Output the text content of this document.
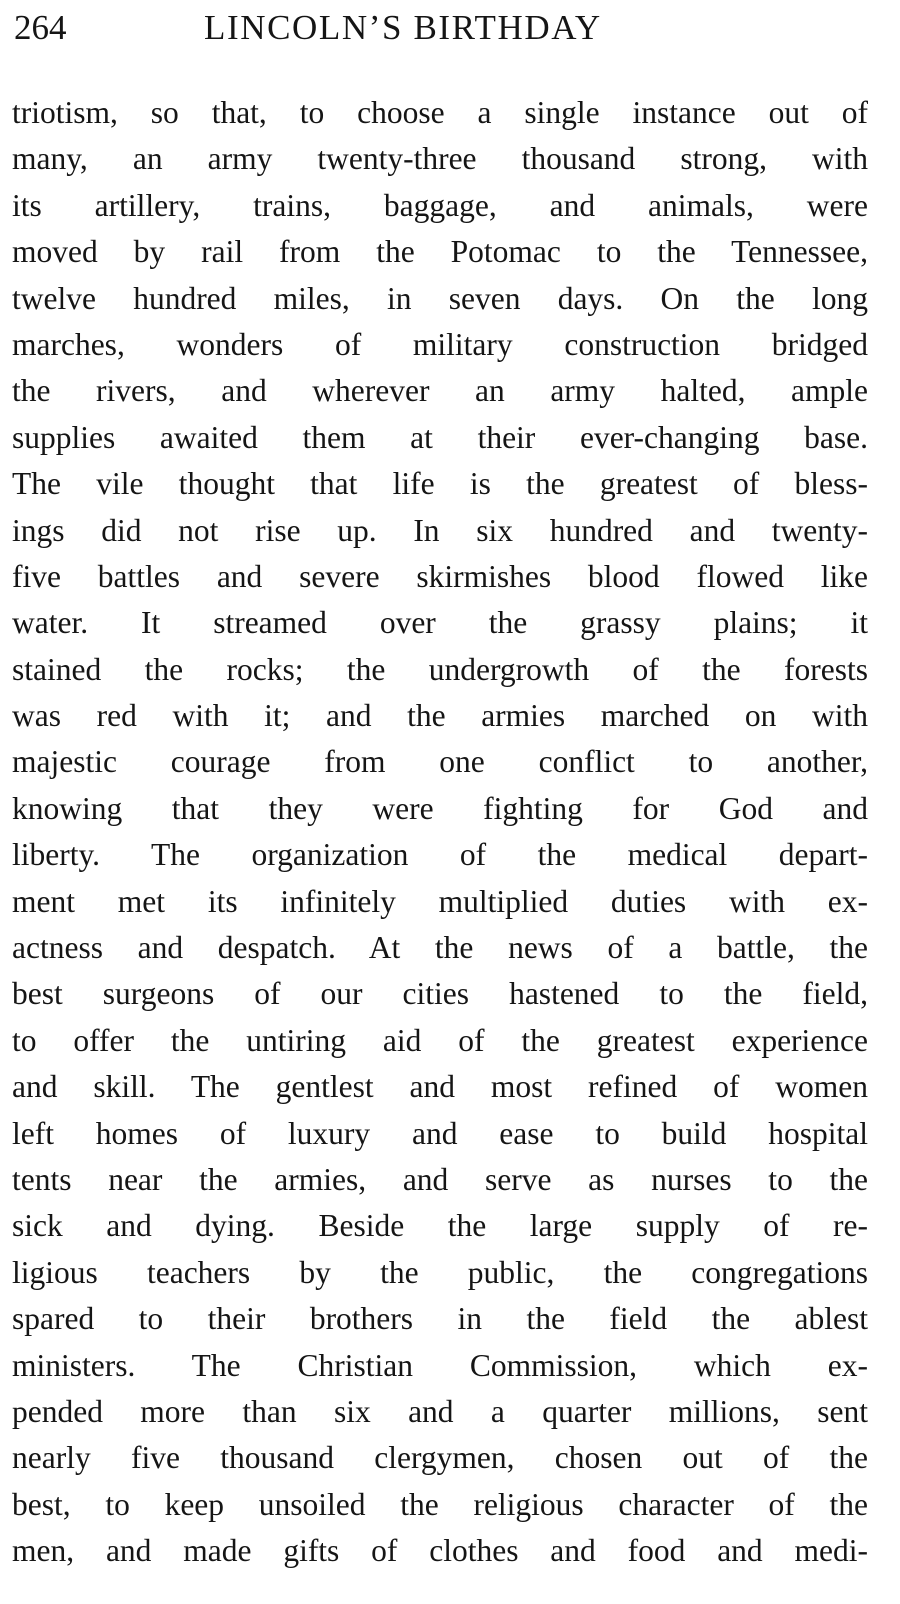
264	LINCOLN’S BIRTHDAY
triotism, so that, to choose a single instance out of
many, an army twenty-three thousand strong, with
its artillery, trains, baggage, and animals, were
moved by rail from the Potomac to the Tennessee,
twelve hundred miles, in seven days. On the long
marches, wonders of military construction bridged
the rivers, and wherever an army halted, ample
supplies awaited them at their ever-changing base.
The vile thought that life is the greatest of bless-
ings did not rise up. In six hundred and twenty-
five battles and severe skirmishes blood flowed like
water. It streamed over the grassy plains; it
stained the rocks; the undergrowth of the forests
was red with it; and the armies marched on with
majestic courage from one conflict to another,
knowing that they were fighting for God and
liberty. The organization of the medical depart-
ment met its infinitely multiplied duties with ex-
actness and despatch. At the news of a battle, the
best surgeons of our cities hastened to the field,
to offer the untiring aid of the greatest experience
and skill. The gentlest and most refined of women
left homes of luxury and ease to build hospital
tents near the armies, and serve as nurses to the
sick and dying. Beside the large supply of re-
ligious teachers by the public, the congregations
spared to their brothers in the field the ablest
ministers. The Christian Commission, which ex-
pended more than six and a quarter millions, sent
nearly five thousand clergymen, chosen out of the
best, to keep unsoiled the religious character of the
men, and made gifts of clothes and food and medi-
